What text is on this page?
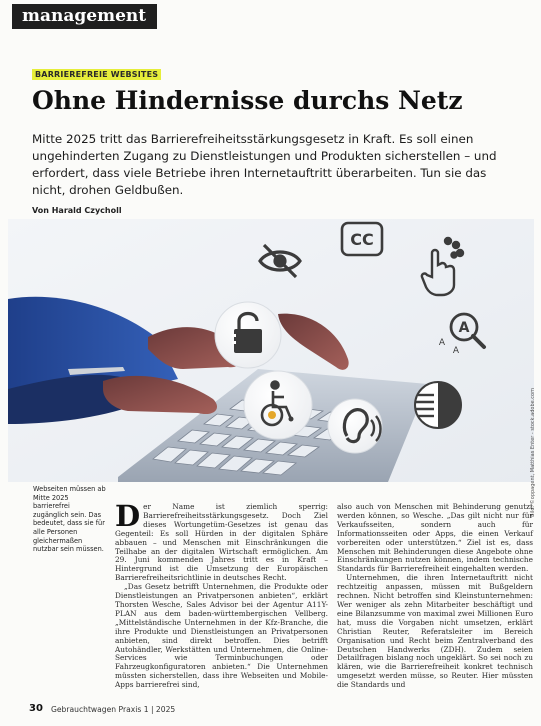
management
BARRIEREFREIE WEBSITES
Ohne Hindernisse durchs Netz

Mitte 2025 tritt das Barrierefreiheitsstärkungsgesetz in Kraft. Es soll einen ungehinderten Zugang zu Dienstleistungen und Produkten sicherstellen – und erfordert, dass viele Betriebe ihren Internetauftritt überarbeiten. Tun sie das nicht, drohen Geldbußen.

Von Harald Czycholl
CC
A
A
A
Bild: ©oppagent, Matthias Enter - stock.adobe.com

Webseiten müssen ab Mitte 2025 barrierefrei zugänglich sein. Das bedeutet, dass sie für alle Personen gleichermaßen nutzbar sein müssen.

Der Name ist ziemlich sperrig: Barrierefreiheitsstärkungsgesetz. Doch Ziel dieses Wortungetüm-Gesetzes ist genau das Gegenteil: Es soll Hürden in der digitalen Sphäre abbauen – und Menschen mit Einschränkungen die Teilhabe an der digitalen Wirtschaft ermöglichen. Am 29. Juni kommenden Jahres tritt es in Kraft – Hintergrund ist die Umsetzung der Europäischen Barrierefreiheitsrichtlinie in deutsches Recht.

„Das Gesetz betrifft Unternehmen, die Produkte oder Dienstleistungen an Privatpersonen anbieten“, erklärt Thorsten Wesche, Sales Advisor bei der Agentur A11Y-PLAN aus dem baden-württembergischen Vellberg. „Mittelständische Unternehmen in der Kfz-Branche, die ihre Produkte und Dienstleistungen an Privatpersonen anbieten, sind direkt betroffen. Dies betrifft Autohändler, Werkstätten und Unternehmen, die Online-Services wie Terminbuchungen oder Fahrzeugkonfiguratoren anbieten.“ Die Unternehmen müssten sicherstellen, dass ihre Webseiten und Mobile-Apps barrierefrei sind,

also auch von Menschen mit Behinderung genutzt werden können, so Wesche. „Das gilt nicht nur für Verkaufsseiten, sondern auch für Informationsseiten oder Apps, die einen Verkauf vorbereiten oder unterstützen.“ Ziel ist es, dass Menschen mit Behinderungen diese Angebote ohne Einschränkungen nutzen können, indem technische Standards für Barrierefreiheit eingehalten werden.

Unternehmen, die ihren Internetauftritt nicht rechtzeitig anpassen, müssen mit Bußgeldern rechnen. Nicht betroffen sind Kleinstunternehmen: Wer weniger als zehn Mitarbeiter beschäftigt und eine Bilanzsumme von maximal zwei Millionen Euro hat, muss die Vorgaben nicht umsetzen, erklärt Christian Reuter, Referatsleiter im Bereich Organisation und Recht beim Zentralverband des Deutschen Handwerks (ZDH). Zudem seien Detailfragen bislang noch ungeklärt. So sei noch zu klären, wie die Barrierefreiheit konkret technisch umgesetzt werden müsse, so Reuter. Hier müssten die Standards und

30 Gebrauchtwagen Praxis 1 | 2025
